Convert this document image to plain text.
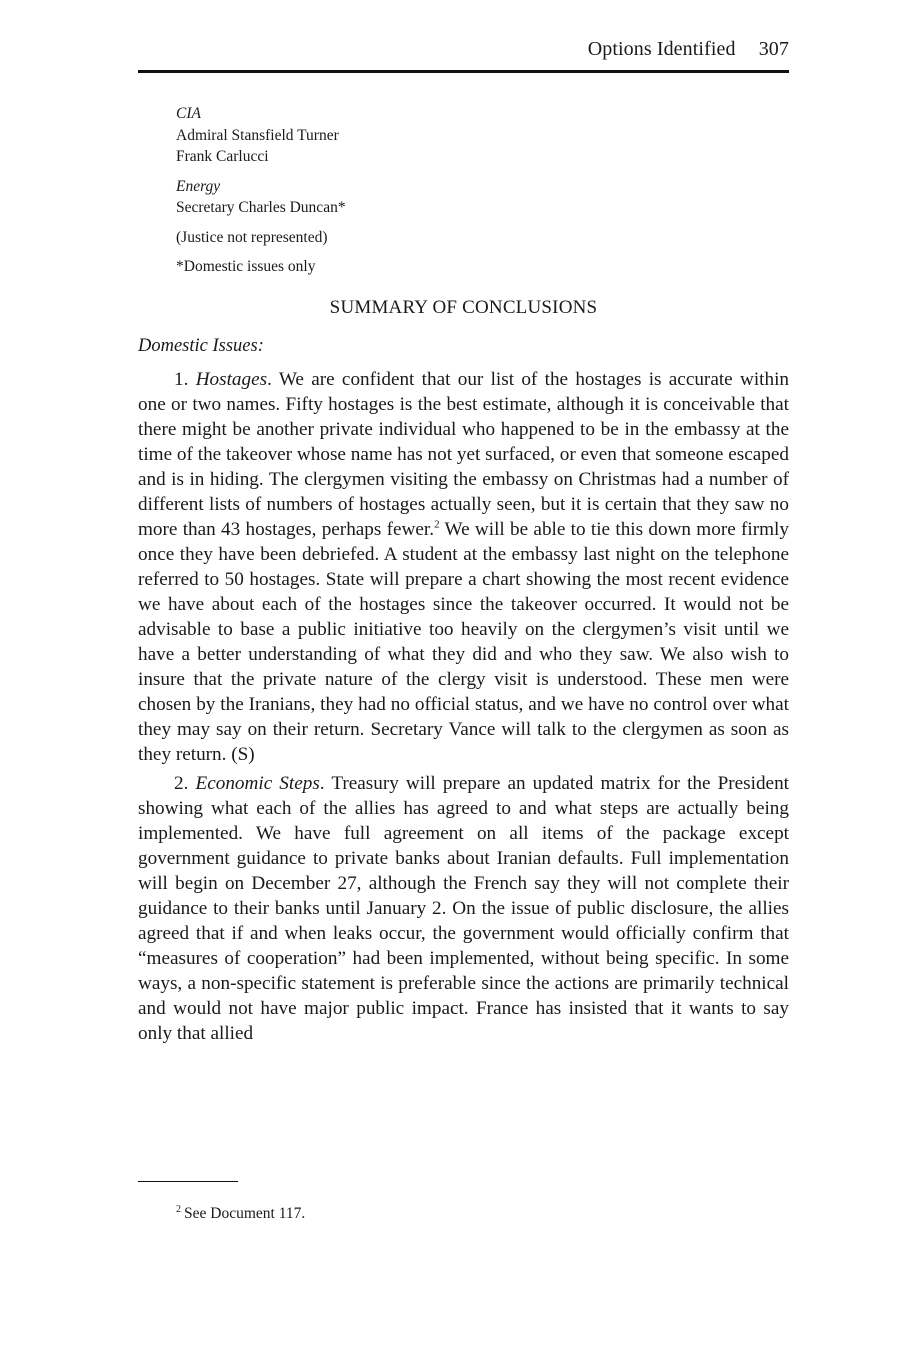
Options Identified 307
CIA
Admiral Stansfield Turner
Frank Carlucci
Energy
Secretary Charles Duncan*
(Justice not represented)
*Domestic issues only
SUMMARY OF CONCLUSIONS
Domestic Issues:

1. Hostages. We are confident that our list of the hostages is accurate within one or two names. Fifty hostages is the best estimate, although it is conceivable that there might be another private individual who happened to be in the embassy at the time of the takeover whose name has not yet surfaced, or even that someone escaped and is in hiding. The clergymen visiting the embassy on Christmas had a number of different lists of numbers of hostages actually seen, but it is certain that they saw no more than 43 hostages, perhaps fewer.$^2$ We will be able to tie this down more firmly once they have been debriefed. A student at the embassy last night on the telephone referred to 50 hostages. State will prepare a chart showing the most recent evidence we have about each of the hostages since the takeover occurred. It would not be advisable to base a public initiative too heavily on the clergymen’s visit until we have a better understanding of what they did and who they saw. We also wish to insure that the private nature of the clergy visit is understood. These men were chosen by the Iranians, they had no official status, and we have no control over what they may say on their return. Secretary Vance will talk to the clergymen as soon as they return. (S)

2. Economic Steps. Treasury will prepare an updated matrix for the President showing what each of the allies has agreed to and what steps are actually being implemented. We have full agreement on all items of the package except government guidance to private banks about Iranian defaults. Full implementation will begin on December 27, although the French say they will not complete their guidance to their banks until January 2. On the issue of public disclosure, the allies agreed that if and when leaks occur, the government would officially confirm that “measures of cooperation” had been implemented, without being specific. In some ways, a non-specific statement is preferable since the actions are primarily technical and would not have major public impact. France has insisted that it wants to say only that allied

$^2$ See Document 117.
